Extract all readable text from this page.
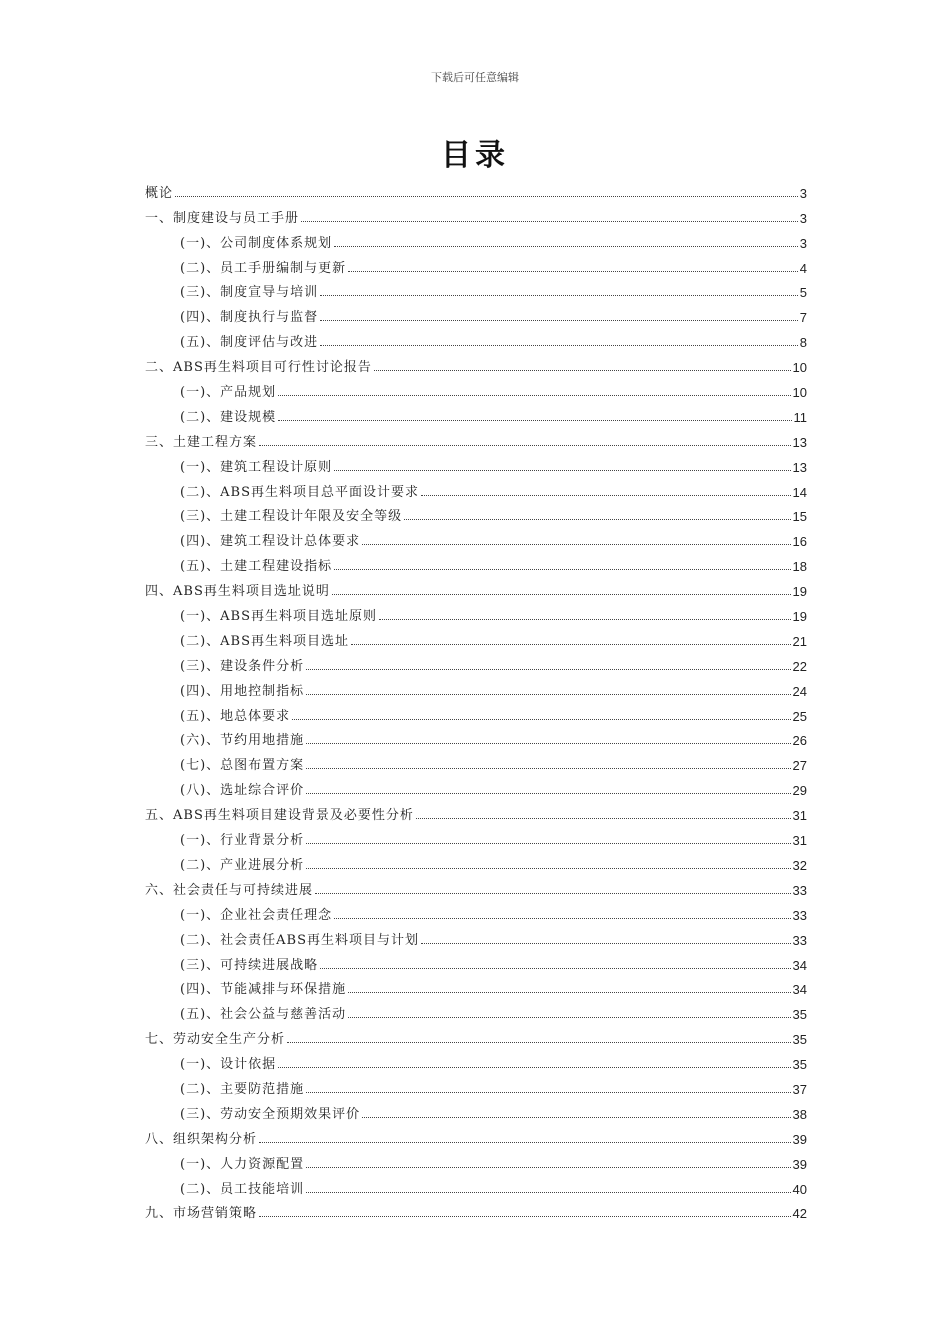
下载后可任意编辑
目录
概论	3
一、制度建设与员工手册	3
(一)、公司制度体系规划	3
(二)、员工手册编制与更新	4
(三)、制度宣导与培训	5
(四)、制度执行与监督	7
(五)、制度评估与改进	8
二、ABS再生料项目可行性讨论报告	10
(一)、产品规划	10
(二)、建设规模	11
三、土建工程方案	13
(一)、建筑工程设计原则	13
(二)、ABS再生料项目总平面设计要求	14
(三)、土建工程设计年限及安全等级	15
(四)、建筑工程设计总体要求	16
(五)、土建工程建设指标	18
四、ABS再生料项目选址说明	19
(一)、ABS再生料项目选址原则	19
(二)、ABS再生料项目选址	21
(三)、建设条件分析	22
(四)、用地控制指标	24
(五)、地总体要求	25
(六)、节约用地措施	26
(七)、总图布置方案	27
(八)、选址综合评价	29
五、ABS再生料项目建设背景及必要性分析	31
(一)、行业背景分析	31
(二)、产业进展分析	32
六、社会责任与可持续进展	33
(一)、企业社会责任理念	33
(二)、社会责任ABS再生料项目与计划	33
(三)、可持续进展战略	34
(四)、节能减排与环保措施	34
(五)、社会公益与慈善活动	35
七、劳动安全生产分析	35
(一)、设计依据	35
(二)、主要防范措施	37
(三)、劳动安全预期效果评价	38
八、组织架构分析	39
(一)、人力资源配置	39
(二)、员工技能培训	40
九、市场营销策略	42
